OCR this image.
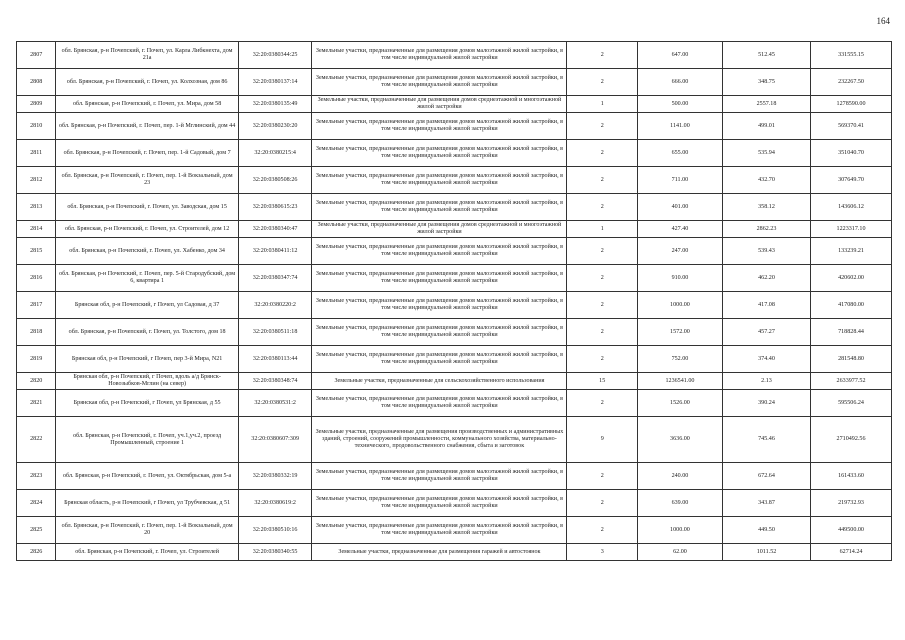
164
2807	обл. Брянская, р-н Почепский, г. Почеп, ул. Карла Либкнехта, дом 21а	32:20:0380344:25	Земельные участки, предназначенные для размещения домов малоэтажной жилой застройки, в том числе индивидуальной жилой застройки	2	647.00	512.45	331555.15
2808	обл. Брянская, р-н Почепский, г. Почеп, ул. Колхозная, дом 86	32:20:0380137:14	Земельные участки, предназначенные для размещения домов малоэтажной жилой застройки, в том числе индивидуальной жилой застройки	2	666.00	348.75	232267.50
2809	обл. Брянская, р-н Почепский, г. Почеп, ул. Мира, дом 58	32:20:0380135:49	Земельные участки, предназначенные для размещения домов среднеэтажной и многоэтажной жилой застройки	1	500.00	2557.18	1278590.00
2810	обл. Брянская, р-н Почепский, г. Почеп, пер. 1-й Мглинский, дом 44	32:20:0380230:20	Земельные участки, предназначенные для размещения домов малоэтажной жилой застройки, в том числе индивидуальной жилой застройки	2	1141.00	499.01	569370.41
2811	обл. Брянская, р-н Почепский, г. Почеп, пер. 1-й Садовый, дом 7	32:20:0380215:4	Земельные участки, предназначенные для размещения домов малоэтажной жилой застройки, в том числе индивидуальной жилой застройки	2	655.00	535.94	351040.70
2812	обл. Брянская, р-н Почепский, г. Почеп, пер. 1-й Вокзальный, дом 23	32:20:0380508:26	Земельные участки, предназначенные для размещения домов малоэтажной жилой застройки, в том числе индивидуальной жилой застройки	2	711.00	432.70	307649.70
2813	обл. Брянская, р-н Почепский, г. Почеп, ул. Заводская, дом 15	32:20:0380615:23	Земельные участки, предназначенные для размещения домов малоэтажной жилой застройки, в том числе индивидуальной жилой застройки	2	401.00	358.12	143606.12
2814	обл. Брянская, р-н Почепский, г. Почеп, ул. Строителей, дом 12	32:20:0380340:47	Земельные участки, предназначенные для размещения домов среднеэтажной и многоэтажной жилой застройки	1	427.40	2862.23	1223317.10
2815	обл. Брянская, р-н Почепский, г. Почеп, ул. Хабенко, дом 34	32:20:0380411:12	Земельные участки, предназначенные для размещения домов малоэтажной жилой застройки, в том числе индивидуальной жилой застройки	2	247.00	539.43	133239.21
2816	обл. Брянская, р-н Почепский, г. Почеп, пер. 5-й Стародубский, дом 6, квартира 1	32:20:0380347:74	Земельные участки, предназначенные для размещения домов малоэтажной жилой застройки, в том числе индивидуальной жилой застройки	2	910.00	462.20	420602.00
2817	Брянская обл, р-н Почепский, г Почеп, ул Садовая, д 37	32:20:0380220:2	Земельные участки, предназначенные для размещения домов малоэтажной жилой застройки, в том числе индивидуальной жилой застройки	2	1000.00	417.08	417080.00
2818	обл. Брянская, р-н Почепский, г. Почеп, ул. Толстого, дом 18	32:20:0380511:18	Земельные участки, предназначенные для размещения домов малоэтажной жилой застройки, в том числе индивидуальной жилой застройки	2	1572.00	457.27	718828.44
2819	Брянская обл, р-н Почепский, г Почеп, пер 3-й Мира, N21	32:20:0380113:44	Земельные участки, предназначенные для размещения домов малоэтажной жилой застройки, в том числе индивидуальной жилой застройки	2	752.00	374.40	281548.80
2820	Брянская обл, р-н Почепский, г Почеп, вдоль а/д Брянск-Новозыбков-Мглин (на север)	32:20:0380348:74	Земельные участки, предназначенные для сельскохозяйственного использования	15	1236541.00	2.13	2633977.52
2821	Брянская обл, р-н Почепский, г Почеп, ул Брянская, д 55	32:20:0380531:2	Земельные участки, предназначенные для размещения домов малоэтажной жилой застройки, в том числе индивидуальной жилой застройки	2	1526.00	390.24	595506.24
2822	обл. Брянская, р-н Почепский, г. Почеп, уч.1,уч.2, проезд Промышленный, строение 1	32:20:0380607:309	Земельные участки, предназначенные для размещения производственных и административных зданий, строений, сооружений промышленности, коммунального хозяйства, материально-технического, продовольственного снабжения, сбыта и заготовок	9	3636.00	745.46	2710492.56
2823	обл. Брянская, р-н Почепский, г. Почеп, ул. Октябрьская, дом 5-а	32:20:0380332:19	Земельные участки, предназначенные для размещения домов малоэтажной жилой застройки, в том числе индивидуальной жилой застройки	2	240.00	672.64	161433.60
2824	Брянская область, р-н Почепский, г Почеп, ул Трубчевская, д 51	32:20:0380619:2	Земельные участки, предназначенные для размещения домов малоэтажной жилой застройки, в том числе индивидуальной жилой застройки	2	639.00	343.87	219732.93
2825	обл. Брянская, р-н Почепский, г. Почеп, пер. 1-й Вокзальный, дом 20	32:20:0380510:16	Земельные участки, предназначенные для размещения домов малоэтажной жилой застройки, в том числе индивидуальной жилой застройки	2	1000.00	449.50	449500.00
2826	обл. Брянская, р-н Почепский, г. Почеп, ул. Строителей	32:20:0380340:55	Земельные участки, предназначенные для размещения гаражей и автостоянок	3	62.00	1011.52	62714.24
